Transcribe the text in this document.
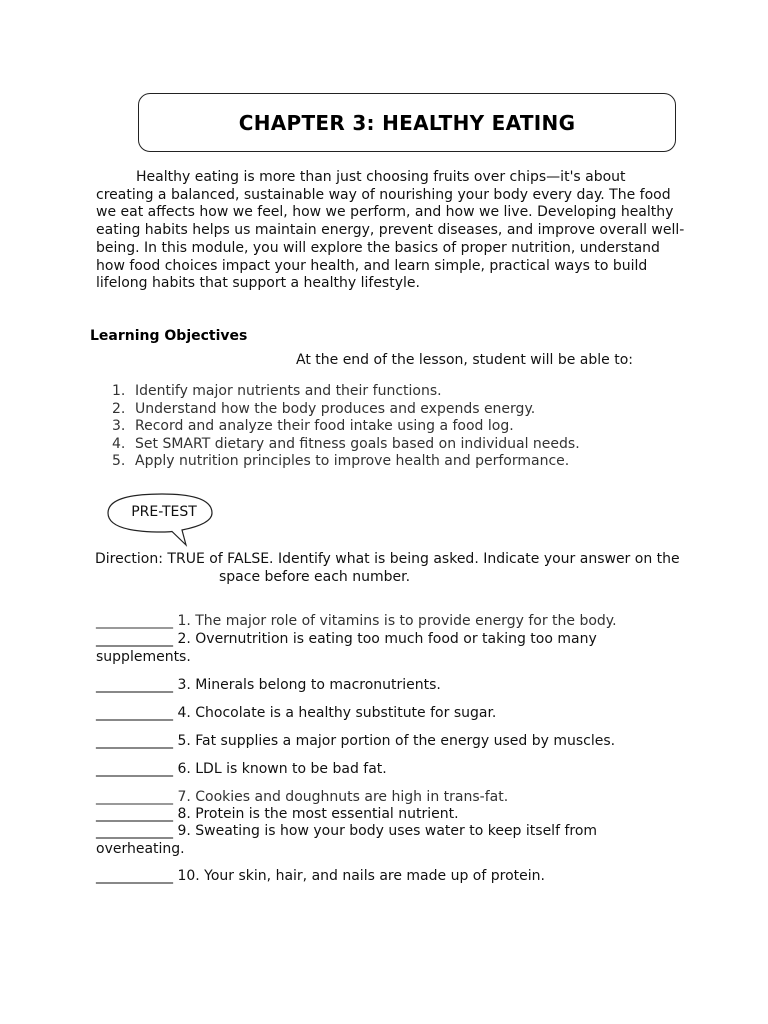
CHAPTER 3: HEALTHY EATING

Healthy eating is more than just choosing fruits over chips—it's about
creating a balanced, sustainable way of nourishing your body every day. The food
we eat affects how we feel, how we perform, and how we live. Developing healthy
eating habits helps us maintain energy, prevent diseases, and improve overall well-
being. In this module, you will explore the basics of proper nutrition, understand
how food choices impact your health, and learn simple, practical ways to build
lifelong habits that support a healthy lifestyle.

Learning Objectives

At the end of the lesson, student will be able to:

1. Identify major nutrients and their functions.
2. Understand how the body produces and expends energy.
3. Record and analyze their food intake using a food log.
4. Set SMART dietary and fitness goals based on individual needs.
5. Apply nutrition principles to improve health and performance.
PRE-TEST

Direction: TRUE of FALSE. Identify what is being asked. Indicate your answer on the
space before each number.

___________ 1. The major role of vitamins is to provide energy for the body.

___________ 2. Overnutrition is eating too much food or taking too many
supplements.

___________ 3. Minerals belong to macronutrients.

___________ 4. Chocolate is a healthy substitute for sugar.

___________ 5. Fat supplies a major portion of the energy used by muscles.

___________ 6. LDL is known to be bad fat.

___________ 7. Cookies and doughnuts are high in trans-fat.

___________ 8. Protein is the most essential nutrient.

___________ 9. Sweating is how your body uses water to keep itself from
overheating.

___________ 10. Your skin, hair, and nails are made up of protein.
